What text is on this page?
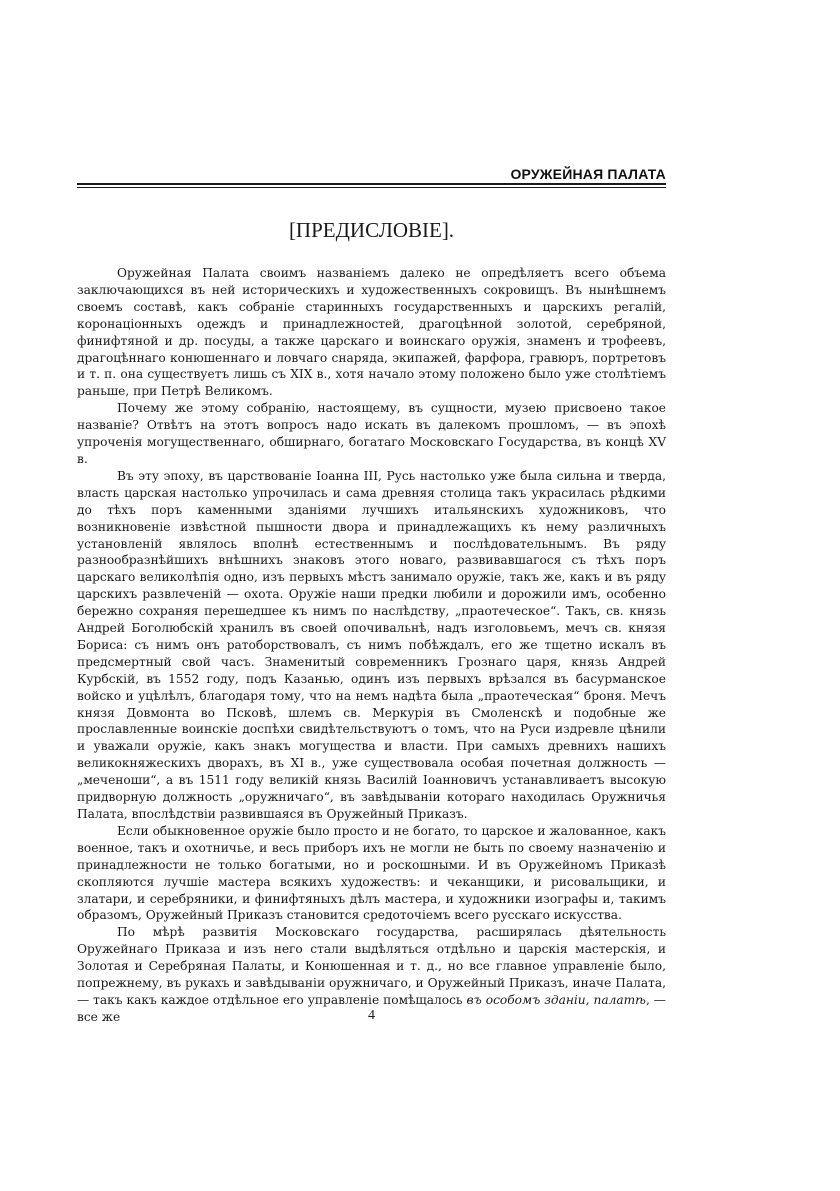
ОРУЖЕЙНАЯ ПАЛАТА
[ПРЕДИСЛОВІЕ].

Оружейная Палата своимъ названіемъ далеко не опредѣляетъ всего объема заключающихся въ ней историческихъ и художественныхъ сокровищъ. Въ нынѣшнемъ своемъ составѣ, какъ собраніе старинныхъ государственныхъ и царскихъ регалій, коронаціонныхъ одеждъ и принадлежностей, драгоцѣнной золотой, серебряной, финифтяной и др. посуды, а также царскаго и воинскаго оружія, знаменъ и трофеевъ, драгоцѣннаго конюшеннаго и ловчаго снаряда, экипажей, фарфора, гравюръ, портретовъ и т. п. она существуетъ лишь съ XIX в., хотя начало этому положено было уже столѣтіемъ раньше, при Петрѣ Великомъ.

Почему же этому собранію, настоящему, въ сущности, музею присвоено такое названіе? Отвѣтъ на этотъ вопросъ надо искать въ далекомъ прошломъ, — въ эпохѣ упроченія могущественнаго, обширнаго, богатаго Московскаго Государства, въ концѣ XV в.

Въ эту эпоху, въ царствованіе Іоанна III, Русь настолько уже была сильна и тверда, власть царская настолько упрочилась и сама древняя столица такъ украсилась рѣдкими до тѣхъ поръ каменными зданіями лучшихъ итальянскихъ художниковъ, что возникновеніе извѣстной пышности двора и принадлежащихъ къ нему различныхъ установленій являлось вполнѣ естественнымъ и послѣдовательнымъ. Въ ряду разнообразнѣйшихъ внѣшнихъ знаковъ этого новаго, развивавшагося съ тѣхъ поръ царскаго великолѣпія одно, изъ первыхъ мѣстъ занимало оружіе, такъ же, какъ и въ ряду царскихъ развлеченій — охота. Оружіе наши предки любили и дорожили имъ, особенно бережно сохраняя перешедшее къ нимъ по наслѣдству, „праотеческое“. Такъ, св. князь Андрей Боголюбскій хранилъ въ своей опочивальнѣ, надъ изголовьемъ, мечъ св. князя Бориса: съ нимъ онъ ратоборствовалъ, съ нимъ побѣждалъ, его же тщетно искалъ въ предсмертный свой часъ. Знаменитый современникъ Грознаго царя, князь Андрей Курбскій, въ 1552 году, подъ Казанью, одинъ изъ первыхъ врѣзался въ басурманское войско и уцѣлѣлъ, благодаря тому, что на немъ надѣта была „праотеческая“ броня. Мечъ князя Довмонта во Псковѣ, шлемъ св. Меркурія въ Смоленскѣ и подобные же прославленные воинскіе доспѣхи свидѣтельствуютъ о томъ, что на Руси издревле цѣнили и уважали оружіе, какъ знакъ могущества и власти. При самыхъ древнихъ нашихъ великокняжескихъ дворахъ, въ XI в., уже существовала особая почетная должность — „меченоши“, а въ 1511 году великій князь Василій Іоанновичъ устанавливаетъ высокую придворную должность „оружничаго“, въ завѣдываніи котораго находилась Оружничья Палата, впослѣдствіи развившаяся въ Оружейный Приказъ.

Если обыкновенное оружіе было просто и не богато, то царское и жалованное, какъ военное, такъ и охотничье, и весь приборъ ихъ не могли не быть по своему назначенію и принадлежности не только богатыми, но и роскошными. И въ Оружейномъ Приказѣ скопляются лучшіе мастера всякихъ художествъ: и чеканщики, и рисовальщики, и златари, и серебряники, и финифтяныхъ дѣлъ мастера, и художники изографы и, такимъ образомъ, Оружейный Приказъ становится средоточіемъ всего русскаго искусства.

По мѣрѣ развитія Московскаго государства, расширялась дѣятельность Оружейнаго Приказа и изъ него стали выдѣляться отдѣльно и царскія мастерскія, и Золотая и Серебряная Палаты, и Конюшенная и т. д., но все главное управленіе было, попрежнему, въ рукахъ и завѣдываніи оружничаго, и Оружейный Приказъ, иначе Палата, — такъ какъ каждое отдѣльное его управленіе помѣщалось въ особомъ зданіи, палатѣ, — все же	4
